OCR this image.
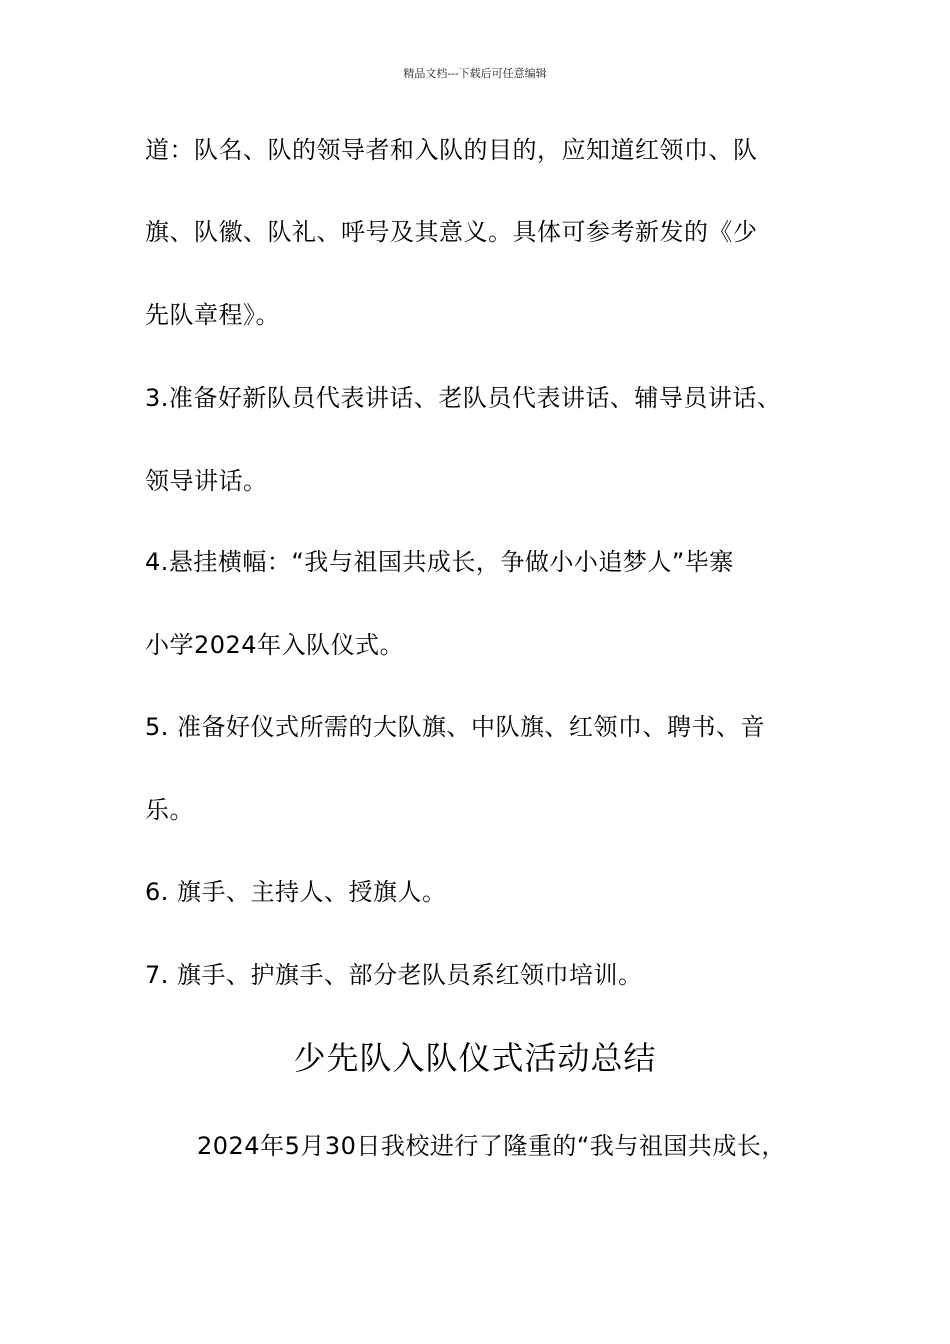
精品文档---下载后可任意编辑
道：队名、队的领导者和入队的目的，应知道红领巾、队
旗、队徽、队礼、呼号及其意义。具体可参考新发的《少
先队章程》。
3.准备好新队员代表讲话、老队员代表讲话、辅导员讲话、
领导讲话。
4.悬挂横幅：“我与祖国共成长，争做小小追梦人”毕寨
小学2024年入队仪式。
5. 准备好仪式所需的大队旗、中队旗、红领巾、聘书、音
乐。
6. 旗手、主持人、授旗人。
7. 旗手、护旗手、部分老队员系红领巾培训。
少先队入队仪式活动总结
2024年5月30日我校进行了隆重的“我与祖国共成长，
